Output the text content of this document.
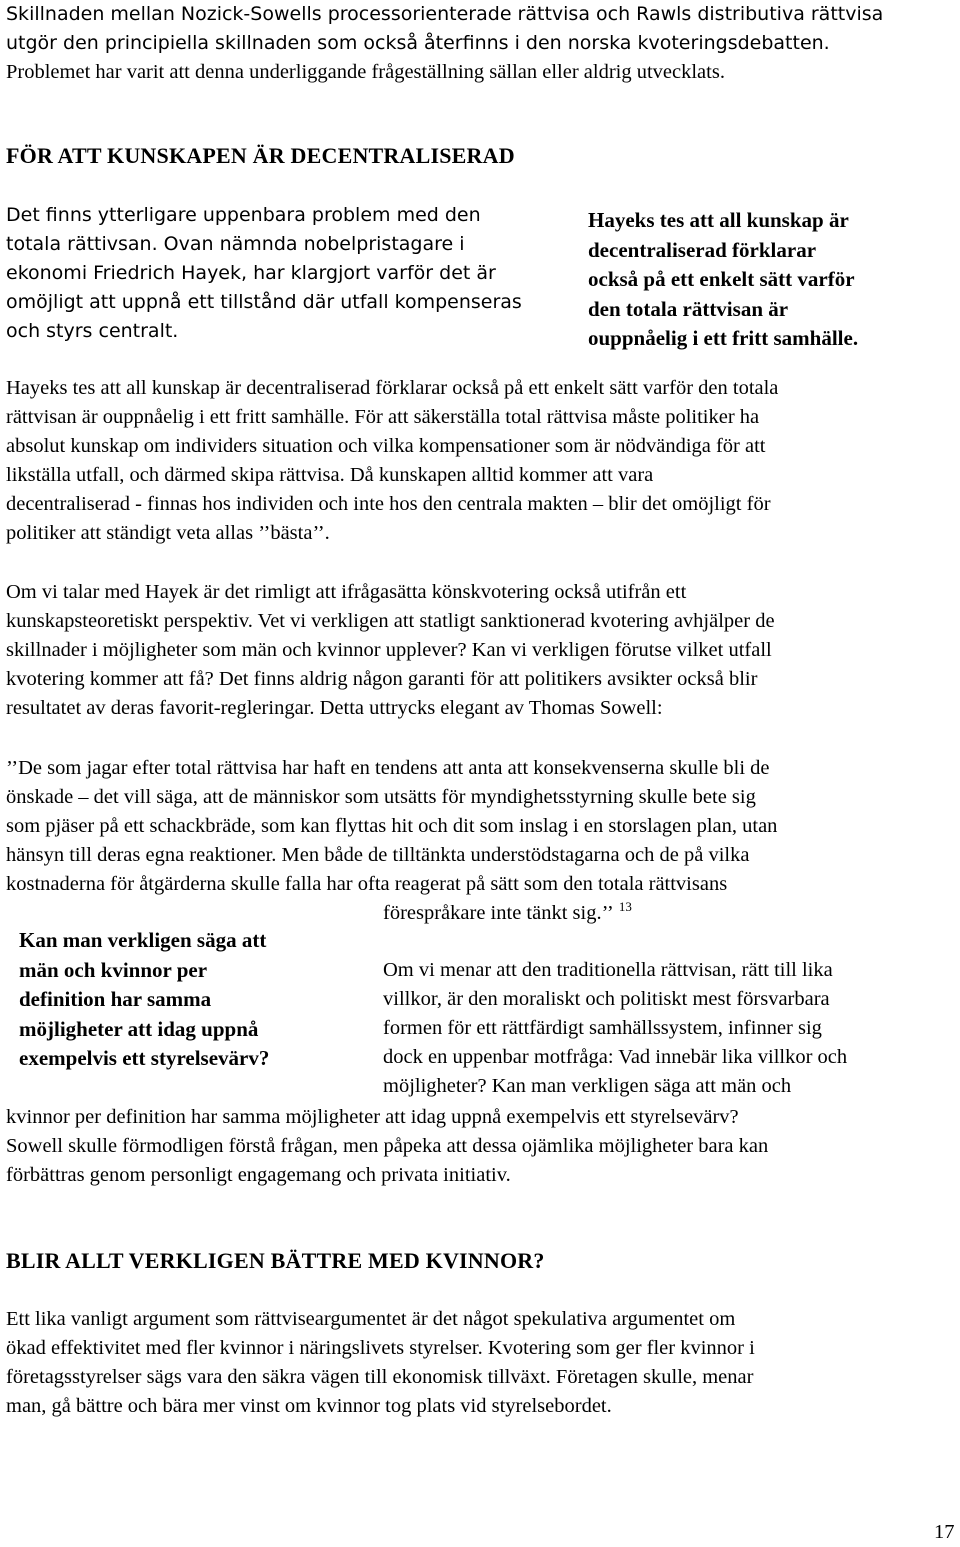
Skillnaden mellan Nozick-Sowells processorienterade rättvisa och Rawls distributiva rättvisa
utgör den principiella skillnaden som också återfinns i den norska kvoteringsdebatten.
Problemet har varit att denna underliggande frågeställning sällan eller aldrig utvecklats.
FÖR ATT KUNSKAPEN ÄR DECENTRALISERAD
Det finns ytterligare uppenbara problem med den
totala rättivsan. Ovan nämnda nobelpristagare i
ekonomi Friedrich Hayek, har klargjort varför det är
omöjligt att uppnå ett tillstånd där utfall kompenseras
och styrs centralt.
Hayeks tes att all kunskap är
decentraliserad förklarar
också på ett enkelt sätt varför
den totala rättvisan är
ouppnåelig i ett fritt samhälle.
Hayeks tes att all kunskap är decentraliserad förklarar också på ett enkelt sätt varför den totala
rättvisan är ouppnåelig i ett fritt samhälle. För att säkerställa total rättvisa måste politiker ha
absolut kunskap om individers situation och vilka kompensationer som är nödvändiga för att
likställa utfall, och därmed skipa rättvisa. Då kunskapen alltid kommer att vara
decentraliserad - finnas hos individen och inte hos den centrala makten – blir det omöjligt för
politiker att ständigt veta allas ’’bästa’’.
Om vi talar med Hayek är det rimligt att ifrågasätta könskvotering också utifrån ett
kunskapsteoretiskt perspektiv. Vet vi verkligen att statligt sanktionerad kvotering avhjälper de
skillnader i möjligheter som män och kvinnor upplever? Kan vi verkligen förutse vilket utfall
kvotering kommer att få? Det finns aldrig någon garanti för att politikers avsikter också blir
resultatet av deras favorit-regleringar. Detta uttrycks elegant av Thomas Sowell:
’’De som jagar efter total rättvisa har haft en tendens att anta att konsekvenserna skulle bli de
önskade – det vill säga, att de människor som utsätts för myndighetsstyrning skulle bete sig
som pjäser på ett schackbräde, som kan flyttas hit och dit som inslag i en storslagen plan, utan
hänsyn till deras egna reaktioner. Men både de tilltänkta understödstagarna och de på vilka
kostnaderna för åtgärderna skulle falla har ofta reagerat på sätt som den totala rättvisans
förespråkare inte tänkt sig.’’ $^{13}$
Kan man verkligen säga att
män och kvinnor per
definition har samma
möjligheter att idag uppnå
exempelvis ett styrelsevärv?
Om vi menar att den traditionella rättvisan, rätt till lika
villkor, är den moraliskt och politiskt mest försvarbara
formen för ett rättfärdigt samhällssystem, infinner sig
dock en uppenbar motfråga: Vad innebär lika villkor och
möjligheter? Kan man verkligen säga att män och
kvinnor per definition har samma möjligheter att idag uppnå exempelvis ett styrelsevärv?
Sowell skulle förmodligen förstå frågan, men påpeka att dessa ojämlika möjligheter bara kan
förbättras genom personligt engagemang och privata initiativ.
BLIR ALLT VERKLIGEN BÄTTRE MED KVINNOR?
Ett lika vanligt argument som rättviseargumentet är det något spekulativa argumentet om
ökad effektivitet med fler kvinnor i näringslivets styrelser. Kvotering som ger fler kvinnor i
företagsstyrelser sägs vara den säkra vägen till ekonomisk tillväxt. Företagen skulle, menar
man, gå bättre och bära mer vinst om kvinnor tog plats vid styrelsebordet.
17
